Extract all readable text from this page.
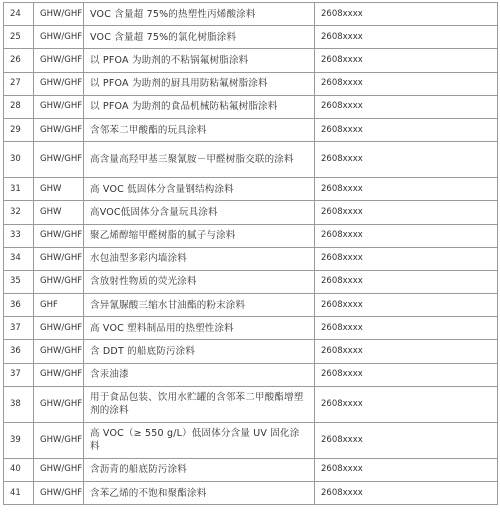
24	GHW/GHF	VOC 含量超 75%的热塑性丙烯酸涂料	2608xxxx
25	GHW/GHF	VOC 含量超 75%的氯化树脂涂料	2608xxxx
26	GHW/GHF	以 PFOA 为助剂的不粘锅氟树脂涂料	2608xxxx
27	GHW/GHF	以 PFOA 为助剂的厨具用防粘氟树脂涂料	2608xxxx
28	GHW/GHF	以 PFOA 为助剂的食品机械防粘氟树脂涂料	2608xxxx
29	GHW/GHF	含邻苯二甲酸酯的玩具涂料	2608xxxx
30	GHW/GHF	高含量高羟甲基三聚氰胺－甲醛树脂交联的涂料	2608xxxx
31	GHW	高 VOC 低固体分含量钢结构涂料	2608xxxx
32	GHW	高VOC低固体分含量玩具涂料	2608xxxx
33	GHW/GHF	聚乙烯醇缩甲醛树脂的腻子与涂料	2608xxxx
34	GHW/GHF	水包油型多彩内墙涂料	2608xxxx
35	GHW/GHF	含放射性物质的荧光涂料	2608xxxx
36	GHF	含异氰脲酸三缩水甘油酯的粉末涂料	2608xxxx
37	GHW/GHF	高 VOC 塑料制品用的热塑性涂料	2608xxxx
36	GHW/GHF	含 DDT 的船底防污涂料	2608xxxx
37	GHW/GHF	含汞油漆	2608xxxx
38	GHW/GHF	用于食品包装、饮用水贮罐的含邻苯二甲酸酯增塑剂的涂料	2608xxxx
39	GHW/GHF	高 VOC（≥ 550 g/L）低固体分含量 UV 固化涂料	2608xxxx
40	GHW/GHF	含沥青的船底防污涂料	2608xxxx
41	GHW/GHF	含苯乙烯的不饱和聚酯涂料	2608xxxx
